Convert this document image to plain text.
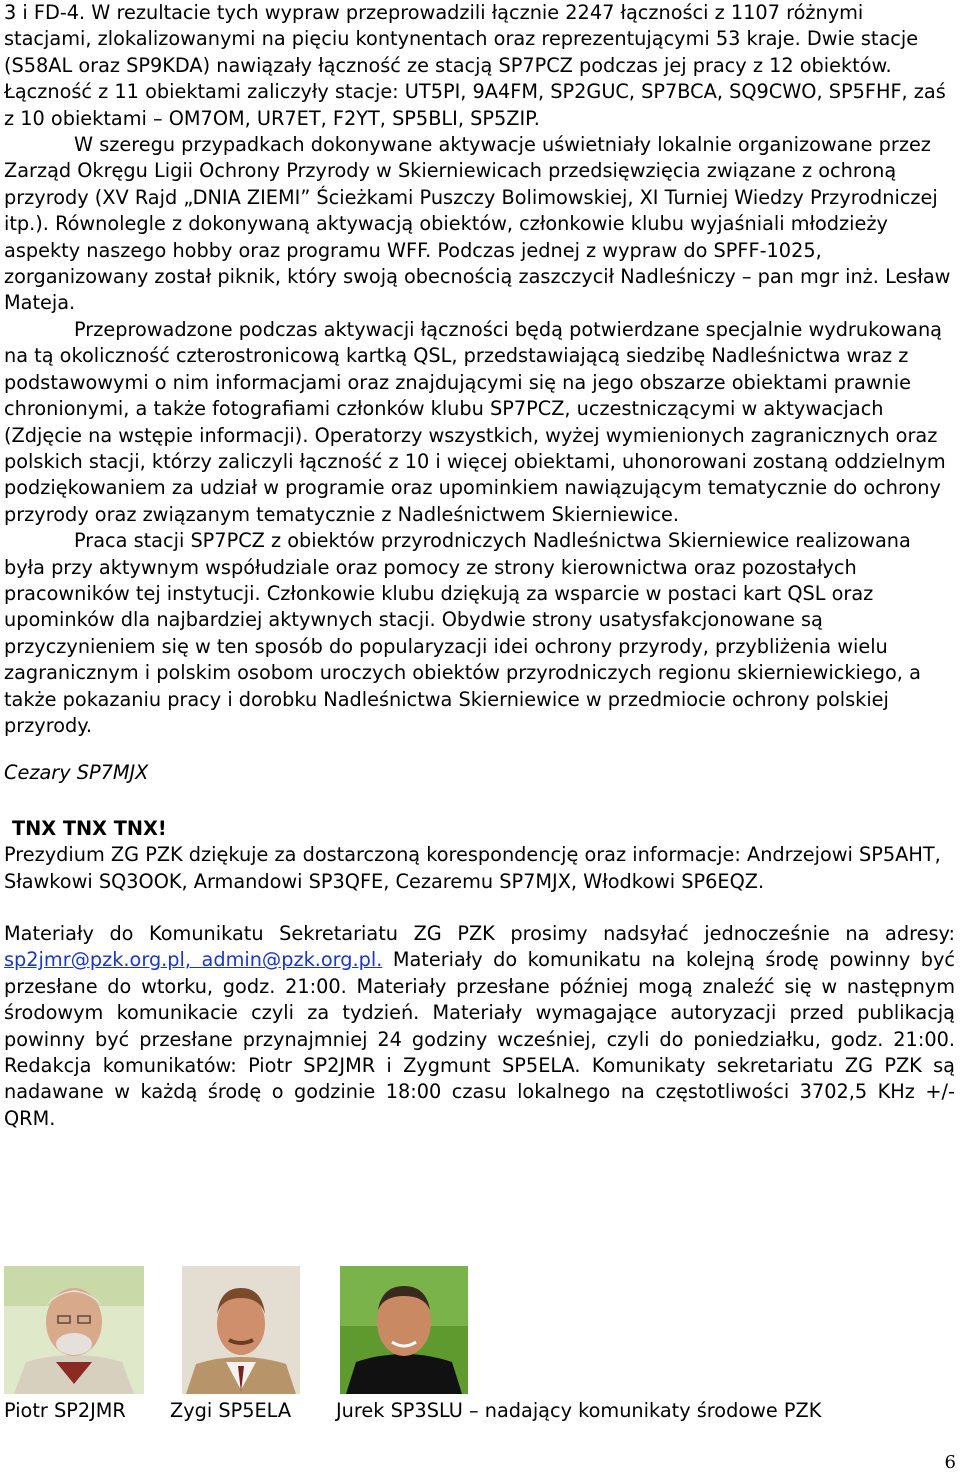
3 i FD-4. W rezultacie tych wypraw przeprowadzili łącznie 2247 łączności z 1107 różnymi stacjami, zlokalizowanymi na pięciu kontynentach oraz reprezentującymi 53 kraje. Dwie stacje (S58AL oraz SP9KDA) nawiązały łączność ze stacją SP7PCZ podczas jej pracy z 12 obiektów. Łączność z 11 obiektami zaliczyły stacje: UT5PI, 9A4FM, SP2GUC, SP7BCA, SQ9CWO, SP5FHF, zaś z 10 obiektami – OM7OM, UR7ET, F2YT, SP5BLI, SP5ZIP.

W szeregu przypadkach dokonywane aktywacje uświetniały lokalnie organizowane przez Zarząd Okręgu Ligii Ochrony Przyrody w Skierniewicach przedsięwzięcia związane z ochroną przyrody (XV Rajd „DNIA ZIEMI” Ścieżkami Puszczy Bolimowskiej, XI Turniej Wiedzy Przyrodniczej itp.). Równolegle z dokonywaną aktywacją obiektów, członkowie klubu wyjaśniali młodzieży aspekty naszego hobby oraz programu WFF. Podczas jednej z wypraw do SPFF-1025, zorganizowany został piknik, który swoją obecnością zaszczycił Nadleśniczy – pan mgr inż. Lesław Mateja.

Przeprowadzone podczas aktywacji łączności będą potwierdzane specjalnie wydrukowaną na tą okoliczność czterostronicową kartką QSL, przedstawiającą siedzibę Nadleśnictwa wraz z podstawowymi o nim informacjami oraz znajdującymi się na jego obszarze obiektami prawnie chronionymi, a także fotografiami członków klubu SP7PCZ, uczestniczącymi w aktywacjach (Zdjęcie na wstępie informacji). Operatorzy wszystkich, wyżej wymienionych zagranicznych oraz polskich stacji, którzy zaliczyli łączność z 10 i więcej obiektami, uhonorowani zostaną oddzielnym podziękowaniem za udział w programie oraz upominkiem nawiązującym tematycznie do ochrony przyrody oraz związanym tematycznie z Nadleśnictwem Skierniewice.

Praca stacji SP7PCZ z obiektów przyrodniczych Nadleśnictwa Skierniewice realizowana była przy aktywnym współudziale oraz pomocy ze strony kierownictwa oraz pozostałych pracowników tej instytucji. Członkowie klubu dziękują za wsparcie w postaci kart QSL oraz upominków dla najbardziej aktywnych stacji. Obydwie strony usatysfakcjonowane są przyczynieniem się w ten sposób do popularyzacji idei ochrony przyrody, przybliżenia wielu zagranicznym i polskim osobom uroczych obiektów przyrodniczych regionu skierniewickiego, a także pokazaniu pracy i dorobku Nadleśnictwa Skierniewice w przedmiocie ochrony polskiej przyrody.

Cezary SP7MJX

TNX TNX TNX!

Prezydium ZG PZK dziękuje za dostarczoną korespondencję oraz informacje: Andrzejowi SP5AHT, Sławkowi SQ3OOK, Armandowi SP3QFE, Cezaremu SP7MJX, Włodkowi SP6EQZ.

Materiały do Komunikatu Sekretariatu ZG PZK prosimy nadsyłać jednocześnie na adresy: sp2jmr@pzk.org.pl, admin@pzk.org.pl. Materiały do komunikatu na kolejną środę powinny być przesłane do wtorku, godz. 21:00. Materiały przesłane później mogą znaleźć się w następnym środowym komunikacie czyli za tydzień. Materiały wymagające autoryzacji przed publikacją powinny być przesłane przynajmniej 24 godziny wcześniej, czyli do poniedziałku, godz. 21:00. Redakcja komunikatów: Piotr SP2JMR i Zygmunt SP5ELA. Komunikaty sekretariatu ZG PZK są nadawane w każdą środę o godzinie 18:00 czasu lokalnego na częstotliwości 3702,5 KHz +/- QRM.

Piotr SP2JMR Zygi SP5ELA Jurek SP3SLU – nadający komunikaty środowe PZK
6
